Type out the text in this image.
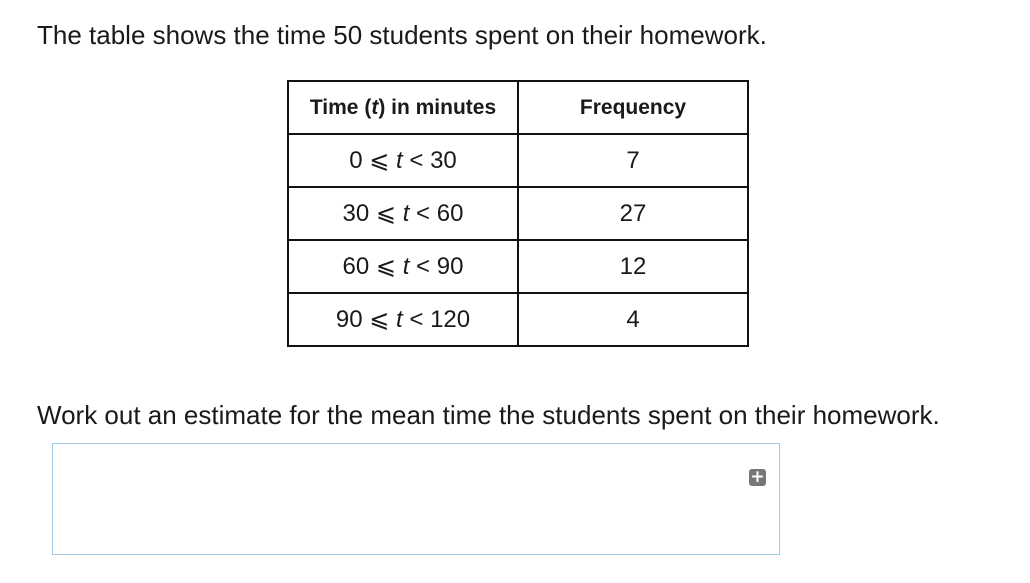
The table shows the time 50 students spent on their homework.
Time (t) in minutes	Frequency
0 ⩽ t < 30	7
30 ⩽ t < 60	27
60 ⩽ t < 90	12
90 ⩽ t < 120	4
Work out an estimate for the mean time the students spent on their homework.
+
